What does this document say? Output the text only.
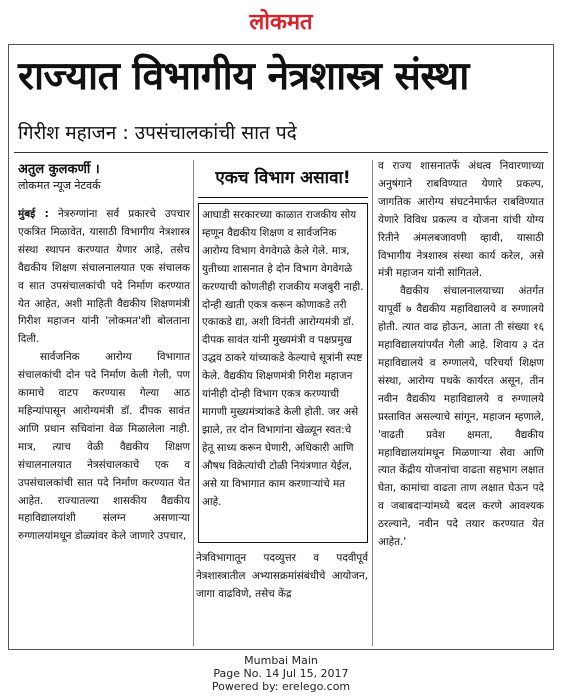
लोकमत
राज्यात विभागीय नेत्रशास्त्र संस्था
गिरीश महाजन : उपसंचालकांची सात पदे
अतुल कुलकर्णी ।
लोकमत न्यूज नेटवर्क

मुंबई : नेत्ररुग्णांना सर्व प्रकारचे उपचार एकत्रित मिळावेत, यासाठी विभागीय नेत्रशास्त्र संस्था स्थापन करण्यात येणार आहे, तसेच वैद्यकीय शिक्षण संचालनालयात एक संचालक व सात उपसंचालकांची पदे निर्माण करण्यात येत आहेत, अशी माहिती वैद्यकीय शिक्षणमंत्री गिरीश महाजन यांनी 'लोकमत'शी बोलताना दिली.

सार्वजनिक आरोग्य विभागात संचालकांची दोन पदे निर्माण केली गेली, पण कामाचे वाटप करण्यास गेल्या आठ महिन्यांपासून आरोग्यमंत्री डॉ. दीपक सावंत आणि प्रधान सचिवांना वेळ मिळालेला नाही. मात्र, त्याच वेळी वैद्यकीय शिक्षण संचालनालयात नेत्रसंचालकाचे एक व उपसंचालकांची सात पदे निर्माण करण्यात येत आहेत. राज्यातल्या शासकीय वैद्यकीय महाविद्यालयांशी संलग्न असणाऱ्या रुग्णालयांमधून डोळ्यांवर केले जाणारे उपचार,

एकच विभाग असावा!
आघाडी सरकारच्या काळात राजकीय सोय म्हणून वैद्यकीय शिक्षण व सार्वजनिक आरोग्य विभाग वेगवेगळे केले गेले. मात्र, युतीच्या शासनात हे दोन विभाग वेगवेगळे करण्याची कोणतीही राजकीय मजबुरी नाही. दोन्ही खाती एकत्र करून कोणाकडे तरी एकाकडे द्या, अशी विनंती आरोग्यमंत्री डॉ. दीपक सावंत यांनी मुख्यमंत्री व पक्षप्रमुख उद्धव ठाकरे यांच्याकडे केल्याचे सूत्रांनी स्पष्ट केले. वैद्यकीय शिक्षणमंत्री गिरीश महाजन यांनीही दोन्ही विभाग एकत्र करण्याची मागणी मुख्यमंत्र्यांकडे केली होती. जर असे झाले, तर दोन विभागांना खेळ्यून स्वत:चे हेतू साध्य करून घेणारी, अधिकारी आणि औषध विक्रेत्यांची टोळी नियंत्रणात येईल, असे या विभागात काम करणाऱ्यांचे मत आहे.

नेत्रविभागातून पदव्युत्तर व पदवीपूर्व नेत्रशास्त्रातील अभ्यासक्रमांसंबंधीचे आयोजन, जागा वाढविणे, तसेच केंद्र

व राज्य शासनातर्फे अंधत्व निवारणाच्या अनुषंगाने राबविण्यात येणारे प्रकल्प, जागतिक आरोग्य संघटनेमार्फत राबविण्यात येणारे विविध प्रकल्प व योजना यांची योग्य रितीने अंमलबजावणी व्हावी, यासाठी विभागीय नेत्रशास्त्र संस्था कार्य करेल, असे मंत्री महाजन यांनी सांगितले.

वैद्यकीय संचालनालयाच्या अंतर्गत यापूर्वी ७ वैद्यकीय महाविद्यालये व रुग्णालये होती. त्यात वाढ होऊन, आता ती संख्या १६ महाविद्यालयांपर्यंत गेली आहे. शिवाय ३ दंत महाविद्यालये व रुग्णालये, परिचर्या शिक्षण संस्था, आरोग्य पथके कार्यरत असून, तीन नवीन वैद्यकीय महाविद्यालये व रुग्णालये प्रस्तावित असल्याचे सांगून, महाजन म्हणाले, 'वाढती प्रवेश क्षमता, वैद्यकीय महाविद्यालयांमधून मिळणाऱ्या सेवा आणि त्यात केंद्रीय योजनांचा वाढता सहभाग लक्षात घेता, कामांचा वाढता ताण लक्षात घेऊन पदे व जबाबदाऱ्यांमध्ये बदल करणे आवश्यक ठरल्याने, नवीन पदे तयार करण्यात येत आहेत.'

Mumbai Main
Page No. 14 Jul 15, 2017
Powered by: erelego.com
